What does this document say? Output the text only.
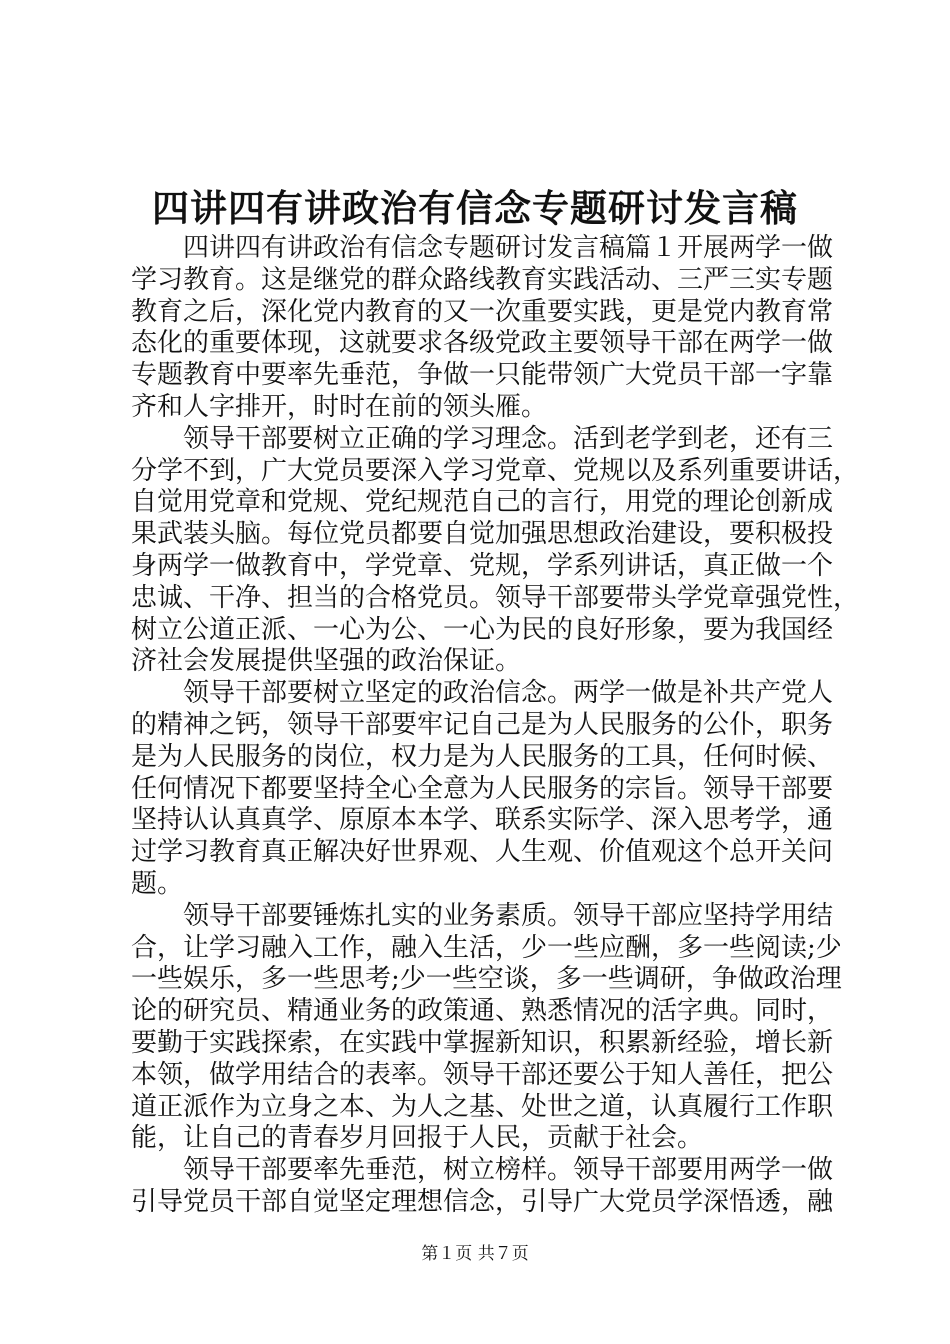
四讲四有讲政治有信念专题研讨发言稿
四讲四有讲政治有信念专题研讨发言稿篇１开展两学一做
学习教育。这是继党的群众路线教育实践活动、三严三实专题
教育之后，深化党内教育的又一次重要实践，更是党内教育常
态化的重要体现，这就要求各级党政主要领导干部在两学一做
专题教育中要率先垂范，争做一只能带领广大党员干部一字靠
齐和人字排开，时时在前的领头雁。
领导干部要树立正确的学习理念。活到老学到老，还有三
分学不到，广大党员要深入学习党章、党规以及系列重要讲话，
自觉用党章和党规、党纪规范自己的言行，用党的理论创新成
果武装头脑。每位党员都要自觉加强思想政治建设，要积极投
身两学一做教育中，学党章、党规，学系列讲话，真正做一个
忠诚、干净、担当的合格党员。领导干部要带头学党章强党性，
树立公道正派、一心为公、一心为民的良好形象，要为我国经
济社会发展提供坚强的政治保证。
领导干部要树立坚定的政治信念。两学一做是补共产党人
的精神之钙，领导干部要牢记自己是为人民服务的公仆，职务
是为人民服务的岗位，权力是为人民服务的工具，任何时候、
任何情况下都要坚持全心全意为人民服务的宗旨。领导干部要
坚持认认真真学、原原本本学、联系实际学、深入思考学，通
过学习教育真正解决好世界观、人生观、价值观这个总开关问
题。
领导干部要锤炼扎实的业务素质。领导干部应坚持学用结
合，让学习融入工作，融入生活，少一些应酬，多一些阅读;少
一些娱乐，多一些思考;少一些空谈，多一些调研，争做政治理
论的研究员、精通业务的政策通、熟悉情况的活字典。同时，
要勤于实践探索，在实践中掌握新知识，积累新经验，增长新
本领，做学用结合的表率。领导干部还要公于知人善任，把公
道正派作为立身之本、为人之基、处世之道，认真履行工作职
能，让自己的青春岁月回报于人民，贡献于社会。
领导干部要率先垂范，树立榜样。领导干部要用两学一做
引导党员干部自觉坚定理想信念，引导广大党员学深悟透，融
第１页 共７页
